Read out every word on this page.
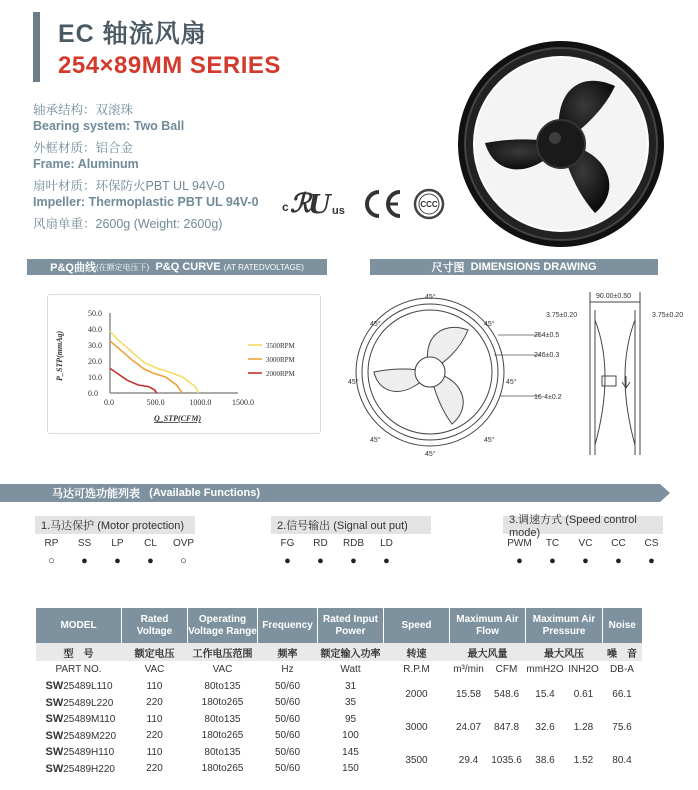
EC 轴流风扇
254×89MM SERIES
轴承结构：双滚珠
Bearing system: Two Ball
外框材质：铝合金
Frame: Aluminum
扇叶材质：环保防火PBT UL 94V-0
Impeller: Thermoplastic PBT UL 94V-0
风扇单重：2600g (Weight: 2600g)
c ℛ
U us
CCC
P&Q曲线 (在额定电压下)
P&Q CURVE
(AT RATEDVOLTAGE)	尺寸图
DIMENSIONS DRAWING
0.0
10.0
20.0
30.0
40.0
50.0
0.0	500.0	1000.0	1500.0
Q_STP(CFM)
P_STP(mmAq)	3500RPM
3000RPM
2000RPM
45°
45°	45°
45°	45°
45°	45°
45°
254±0.5
246±0.3
16-4±0.2
90.00±0.50
3.75±0.20	3.75±0.20
马达可选功能列表
(Available Functions)
1.马达保护 (Motor protection)
RP	SS	LP	CL	OVP
○	●	●	●	○
2.信号输出 (Signal out put)
FG	RD	RDB	LD
●	●	●	●
3.调速方式 (Speed control mode)
PWM	TC	VC	CC	CS
●	●	●	●	●
MODEL	Rated Voltage	Operating Voltage Range	Frequency	Rated Input Power	Speed	Maximum Air Flow		Maximum Air Pressure		Noise
型　号	额定电压	工作电压范围	频率	额定输入功率	转速	最大风量		最大风压		噪　音
PART NO.	VAC	VAC	Hz	Watt	R.P.M	m³/min	CFM	mmH2O	INH2O	DB-A
SW25489L110	110	80to135	50/60	31	2000	15.58	548.6	15.4	0.61	66.1
SW25489L220	220	180to265	50/60	35						
SW25489M110	110	80to135	50/60	95	3000	24.07	847.8	32.6	1.28	75.6
SW25489M220	220	180to265	50/60	100						
SW25489H110	110	80to135	50/60	145	3500	29.4	1035.6	38.6	1.52	80.4
SW25489H220	220	180to265	50/60	150						
